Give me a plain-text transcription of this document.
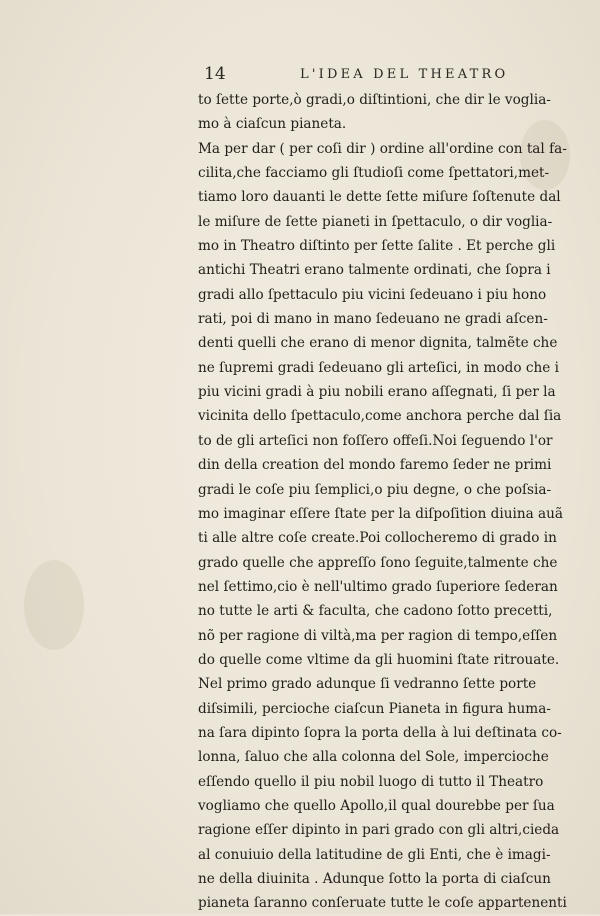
14	L'IDEA DEL THEATRO
to ſette porte,ò gradi,o diſtintioni, che dir le voglia-
mo à ciaſcun pianeta.
Ma per dar ( per coſi dir ) ordine all'ordine con tal fa-
cilita,che facciamo gli ſtudioſi come ſpettatori,met-
tiamo loro dauanti le dette ſette miſure ſoſtenute dal
le miſure de ſette pianeti in ſpettaculo, o dir voglia-
mo in Theatro diſtinto per ſette ſalite . Et perche gli
antichi Theatri erano talmente ordinati, che ſopra i
gradi allo ſpettaculo piu vicini ſedeuano i piu hono
rati, poi di mano in mano ſedeuano ne gradi aſcen-
denti quelli che erano di menor dignita, talmẽte che
ne ſupremi gradi ſedeuano gli arteſici, in modo che i
piu vicini gradi à piu nobili erano aſſegnati, ſi per la
vicinita dello ſpettaculo,come anchora perche dal ſia
to de gli arteſici non foſſero offeſi.Noi ſeguendo l'or
din della creation del mondo faremo ſeder ne primi
gradi le coſe piu ſemplici,o piu degne, o che poſsia-
mo imaginar eſſere ſtate per la diſpoſition diuina auã
ti alle altre coſe create.Poi collocheremo di grado in
grado quelle che appreſſo ſono ſeguite,talmente che
nel ſettimo,cio è nell'ultimo grado ſuperiore ſederan
no tutte le arti & faculta, che cadono ſotto precetti,
nõ per ragione di viltà,ma per ragion di tempo,eſſen
do quelle come vltime da gli huomini ſtate ritrouate.
Nel primo grado adunque ſi vedranno ſette porte
diſsimili, percioche ciaſcun Pianeta in figura huma-
na ſara dipinto ſopra la porta della à lui deſtinata co-
lonna, ſaluo che alla colonna del Sole, impercioche
eſſendo quello il piu nobil luogo di tutto il Theatro
vogliamo che quello Apollo,il qual dourebbe per ſua
ragione eſſer dipinto in pari grado con gli altri,cieda
al conuiuio della latitudine de gli Enti, che è imagi-
ne della diuinita . Adunque ſotto la porta di ciaſcun
pianeta ſaranno conſeruate tutte le coſe appartenenti
